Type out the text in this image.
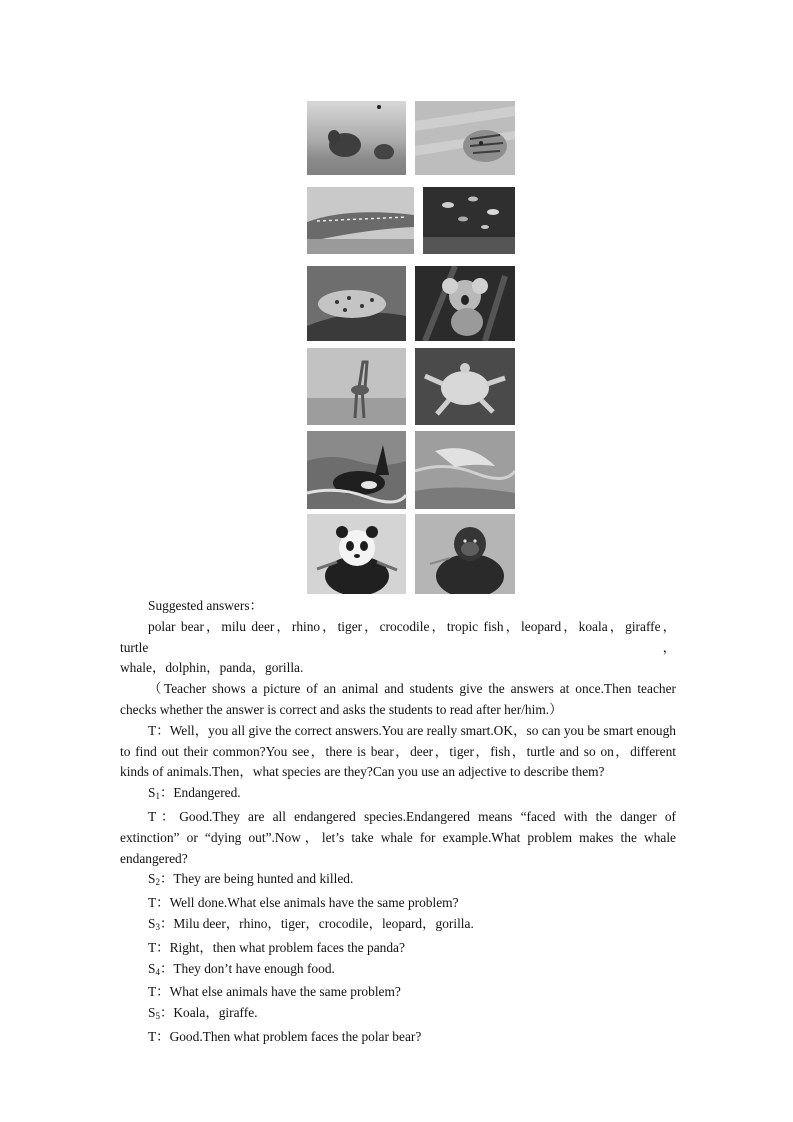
Suggested answers：

polar bear，milu deer，rhino，tiger，crocodile，tropic fish，leopard，koala，giraffe，turtle，

whale，dolphin，panda，gorilla.

（Teacher shows a picture of an animal and students give the answers at once.Then teacher checks whether the answer is correct and asks the students to read after her/him.）

T：Well，you all give the correct answers.You are really smart.OK，so can you be smart enough to find out their common?You see，there is bear，deer，tiger，fish，turtle and so on，different kinds of animals.Then，what species are they?Can you use an adjective to describe them?

$S_1$：Endangered.

T：Good.They are all endangered species.Endangered means “faced with the danger of extinction” or “dying out”.Now，let’s take whale for example.What problem makes the whale endangered?

$S_2$：They are being hunted and killed.

T：Well done.What else animals have the same problem?

$S_3$：Milu deer，rhino，tiger，crocodile，leopard，gorilla.

T：Right，then what problem faces the panda?

$S_4$：They don’t have enough food.

T：What else animals have the same problem?

$S_5$：Koala，giraffe.

T：Good.Then what problem faces the polar bear?
